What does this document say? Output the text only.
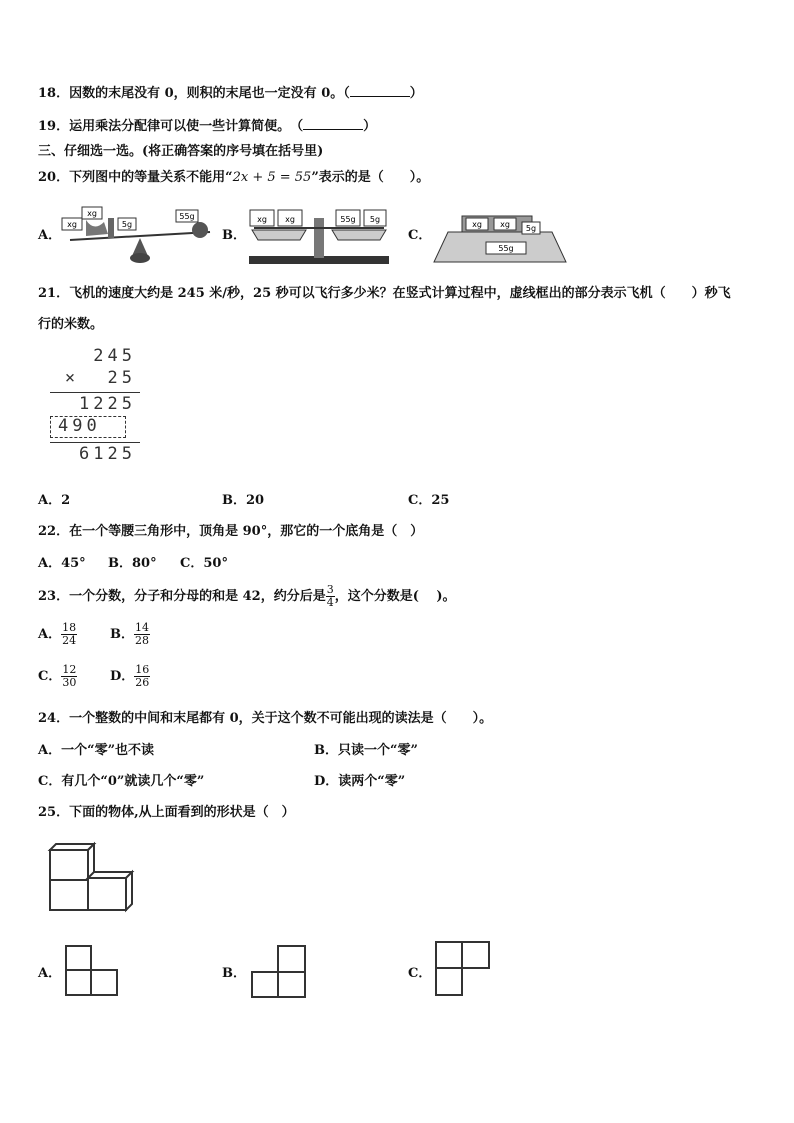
18．因数的末尾没有 0，则积的末尾也一定没有 0。（	）
19．运用乘法分配律可以使一些计算简便。　（	）
三、仔细选一选。(将正确答案的序号填在括号里)
20．下列图中的等量关系不能用“2x + 5 = 55”表示的是（　　）。
A．
xg
xg
5g
55g
B．
xg xg	55g 5g
C．
xg xg 5g
55g
21．飞机的速度大约是 245 米/秒，25 秒可以飞行多少米？在竖式计算过程中，虚线框出的部分表示飞机（　　）秒飞
行的米数。
245
×  25
1225
490
6125
A．2	B．20	C．25
22．在一个等腰三角形中，顶角是 90°，那它的一个底角是（　）
A．45° B．80° C．50°
23．一个分数，分子和分母的和是 42，约分后是 $\frac{3}{4}$ ，这个分数是(　 )。
A． $\frac{18}{24}$	B． $\frac{14}{28}$
C． $\frac{12}{30}$	D． $\frac{16}{26}$
24．一个整数的中间和末尾都有 0，关于这个数不可能出现的读法是（　　）。
A．一个“零”也不读	B．只读一个“零”
C．有几个“0”就读几个“零”	D．读两个“零”
25．下面的物体,从上面看到的形状是（　）
A．	B．	C．
